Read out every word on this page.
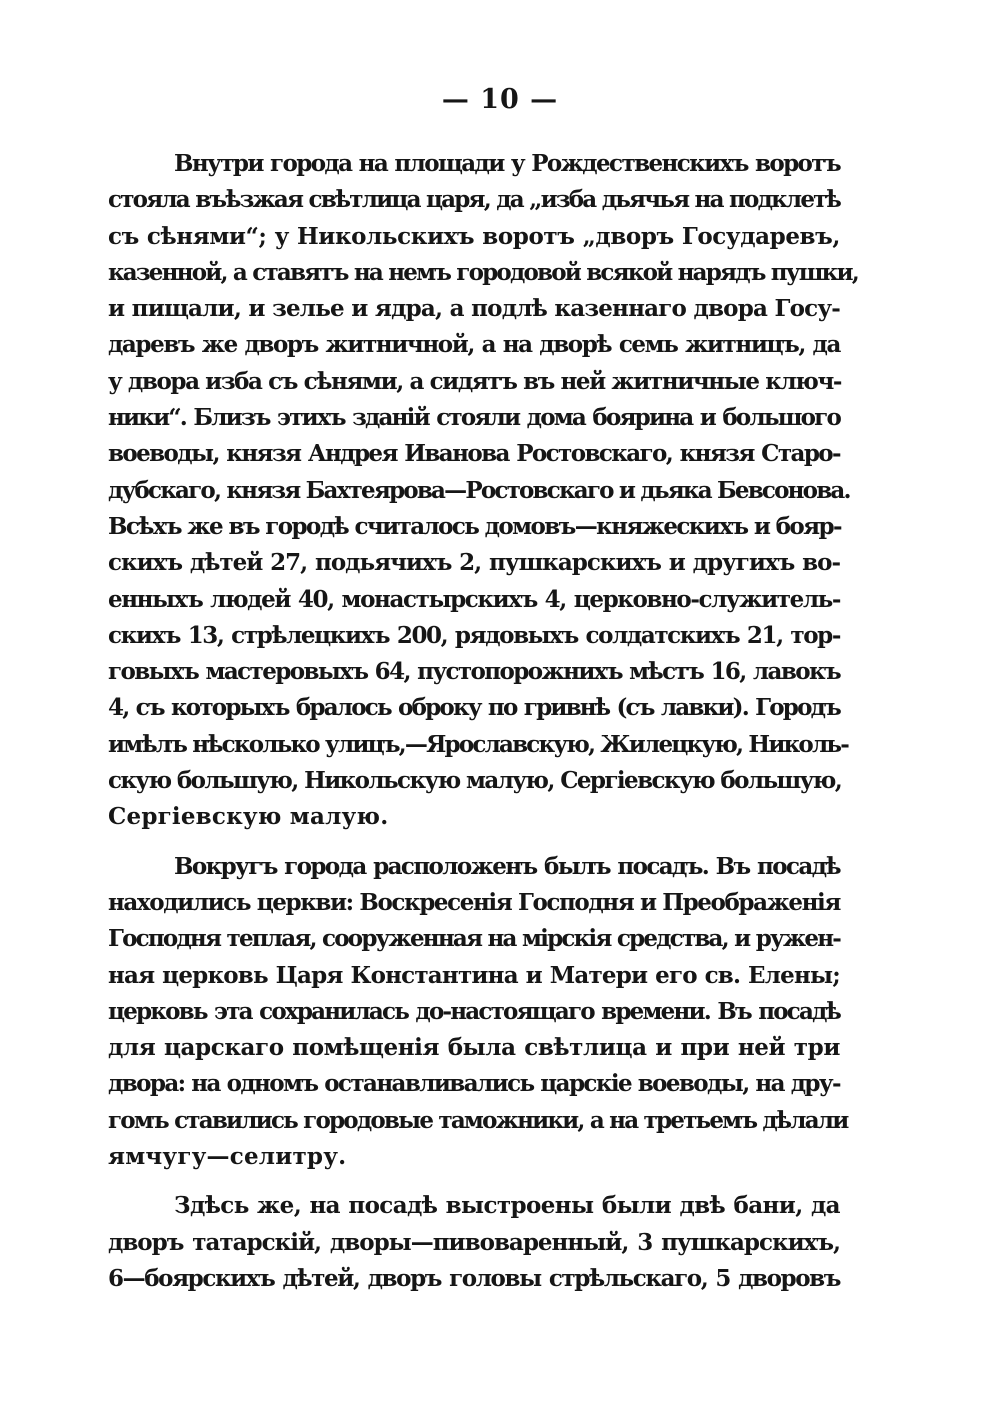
— 10 —
Внутри города на площади у Рождественскихъ воротъ
стояла въѣзжая свѣтлица царя, да „изба дьячья на подклетѣ
съ сѣнями“; у Никольскихъ воротъ „дворъ Государевъ,
казенной, а ставятъ на немъ городовой всякой нарядъ пушки,
и пищали, и зелье и ядра, а подлѣ казеннаго двора Госу-
даревъ же дворъ житничной, а на дворѣ семь житницъ, да
у двора изба съ сѣнями, а сидятъ въ ней житничные ключ-
ники“. Близъ этихъ зданій стояли дома боярина и большого
воеводы, князя Андрея Иванова Ростовскаго, князя Старо-
дубскаго, князя Бахтеярова—Ростовскаго и дьяка Бевсонова.
Всѣхъ же въ городѣ считалось домовъ—княжескихъ и бояр-
скихъ дѣтей 27, подьячихъ 2, пушкарскихъ и другихъ во-
енныхъ людей 40, монастырскихъ 4, церковно-служитель-
скихъ 13, стрѣлецкихъ 200, рядовыхъ солдатскихъ 21, тор-
говыхъ мастеровыхъ 64, пустопорожнихъ мѣстъ 16, лавокъ
4, съ которыхъ бралось оброку по гривнѣ (съ лавки). Городъ
имѣлъ нѣсколько улицъ,—Ярославскую, Жилецкую, Николь-
скую большую, Никольскую малую, Сергіевскую большую,
Сергіевскую малую.
Вокругъ города расположенъ былъ посадъ. Въ посадѣ
находились церкви: Воскресенія Господня и Преображенія
Господня теплая, сооруженная на мірскія средства, и ружен-
ная церковь Царя Константина и Матери его св. Елены;
церковь эта сохранилась до-настоящаго времени. Въ посадѣ
для царскаго помѣщенія была свѣтлица и при ней три
двора: на одномъ останавливались царскіе воеводы, на дру-
гомъ ставились городовые таможники, а на третьемъ дѣлали
ямчугу—селитру.
Здѣсь же, на посадѣ выстроены были двѣ бани, да
дворъ татарскій, дворы—пивоваренный, 3 пушкарскихъ,
6—боярскихъ дѣтей, дворъ головы стрѣльскаго, 5 дворовъ
